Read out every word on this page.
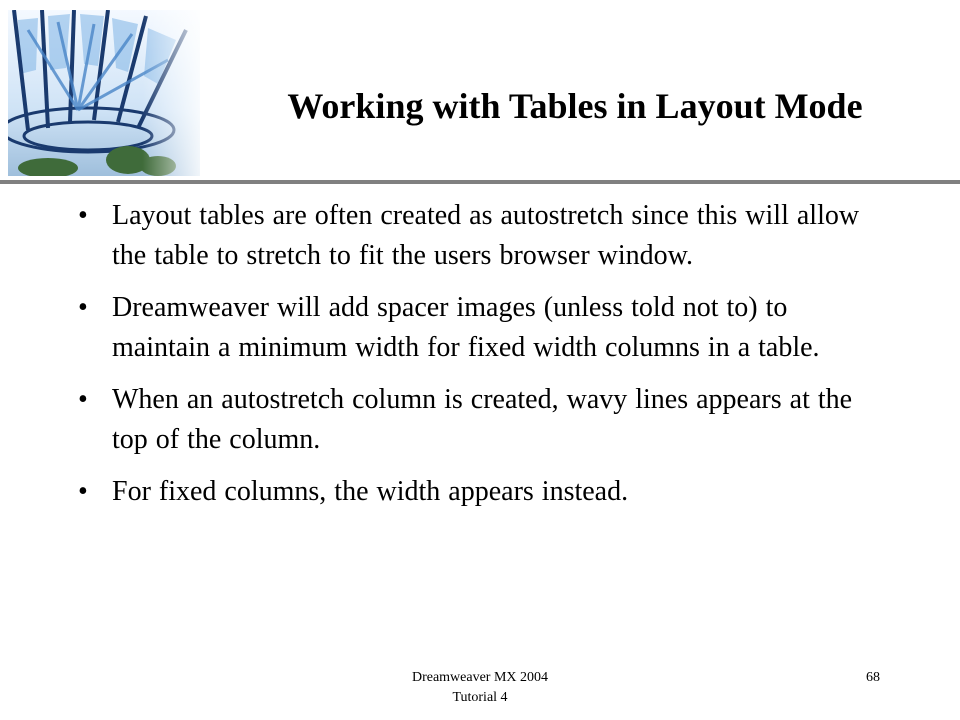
Working with Tables in Layout Mode
• Layout tables are often created as autostretch since this will allow the table to stretch to fit the users browser window.
• Dreamweaver will add spacer images (unless told not to) to maintain a minimum width for fixed width columns in a table.
• When an autostretch column is created, wavy lines appears at the top of the column.
• For fixed columns, the width appears instead.
Dreamweaver MX 2004
Tutorial 4
68
